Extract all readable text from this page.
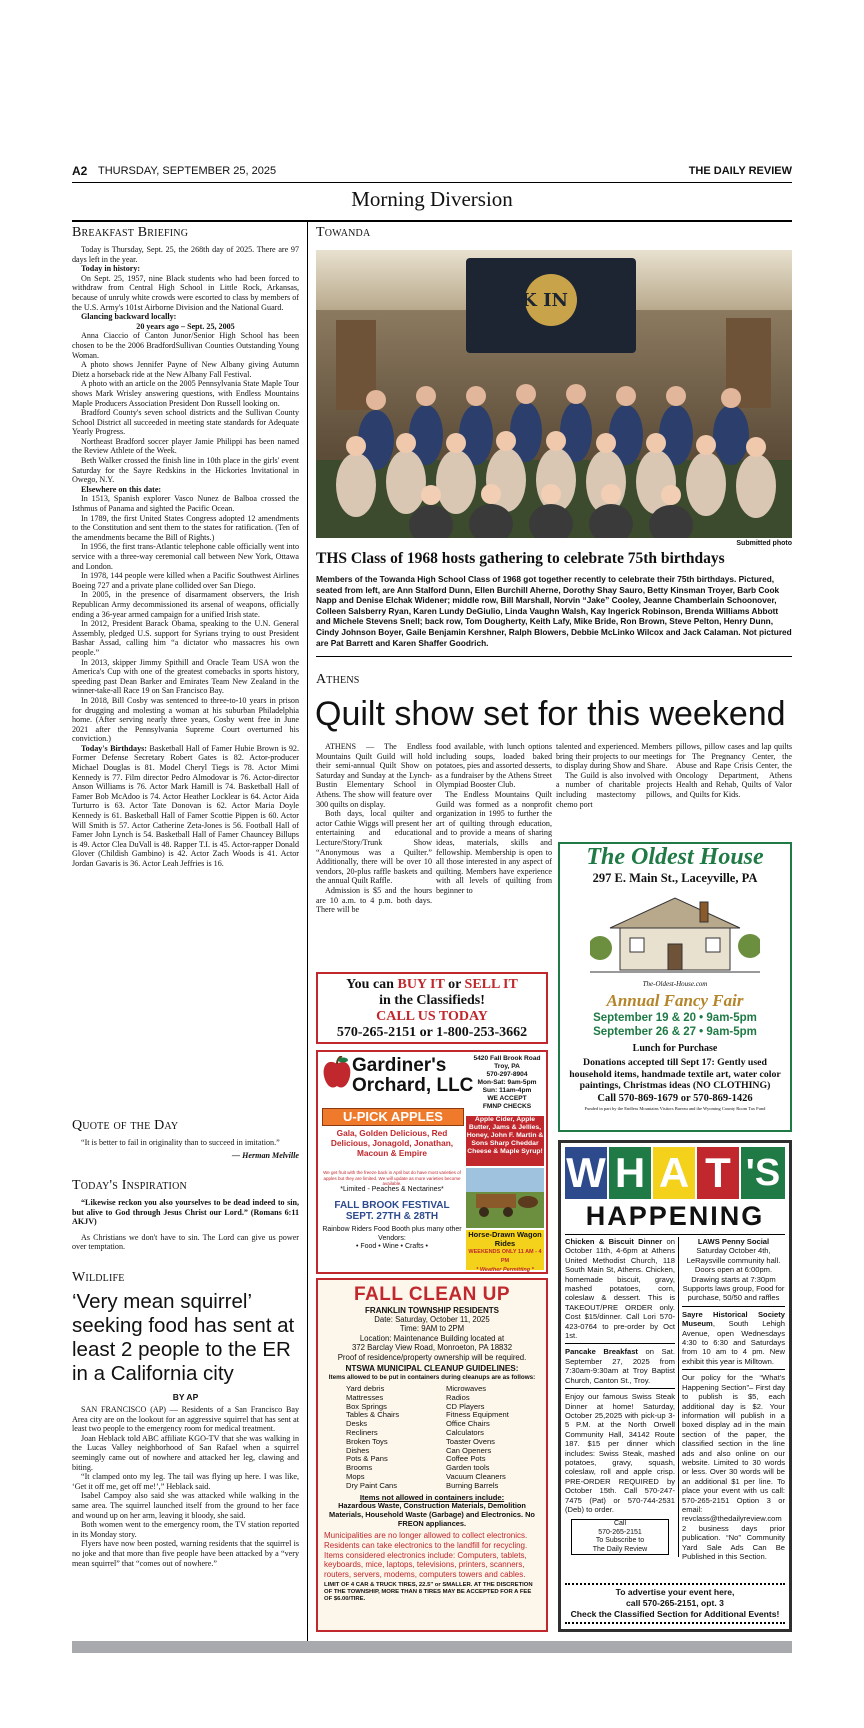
A2 THURSDAY, SEPTEMBER 25, 2025	THE DAILY REVIEW
Morning Diversion
Breakfast Briefing

Today is Thursday, Sept. 25, the 268th day of 2025. There are 97 days left in the year.

Today in history:

On Sept. 25, 1957, nine Black students who had been forced to withdraw from Central High School in Little Rock, Arkansas, because of unruly white crowds were escorted to class by members of the U.S. Army's 101st Airborne Division and the National Guard.

Glancing backward locally:

20 years ago – Sept. 25, 2005

Anna Ciaccio of Canton Junor/Senior High School has been chosen to be the 2006 BradfordSullivan Counties Outstanding Young Woman.

A photo shows Jennifer Payne of New Albany giving Autumn Dietz a horseback ride at the New Albany Fall Festival.

A photo with an article on the 2005 Pennsylvania State Maple Tour shows Mark Wrisley answering questions, with Endless Mountains Maple Producers Association President Don Russell looking on.

Bradford County's seven school districts and the Sullivan County School District all succeeded in meeting state standards for Adequate Yearly Progress.

Northeast Bradford soccer player Jamie Philippi has been named the Review Athlete of the Week.

Beth Walker crossed the finish line in 10th place in the girls' event Saturday for the Sayre Redskins in the Hickories Invitational in Owego, N.Y.

Elsewhere on this date:

In 1513, Spanish explorer Vasco Nunez de Balboa crossed the Isthmus of Panama and sighted the Pacific Ocean.

In 1789, the first United States Congress adopted 12 amendments to the Constitution and sent them to the states for ratification. (Ten of the amendments became the Bill of Rights.)

In 1956, the first trans-Atlantic telephone cable officially went into service with a three-way ceremonial call between New York, Ottawa and London.

In 1978, 144 people were killed when a Pacific Southwest Airlines Boeing 727 and a private plane collided over San Diego.

In 2005, in the presence of disarmament observers, the Irish Republican Army decommissioned its arsenal of weapons, officially ending a 36-year armed campaign for a unified Irish state.

In 2012, President Barack Obama, speaking to the U.N. General Assembly, pledged U.S. support for Syrians trying to oust President Bashar Assad, calling him “a dictator who massacres his own people.”

In 2013, skipper Jimmy Spithill and Oracle Team USA won the America's Cup with one of the greatest comebacks in sports history, speeding past Dean Barker and Emirates Team New Zealand in the winner-take-all Race 19 on San Francisco Bay.

In 2018, Bill Cosby was sentenced to three-to-10 years in prison for drugging and molesting a woman at his suburban Philadelphia home. (After serving nearly three years, Cosby went free in June 2021 after the Pennsylvania Supreme Court overturned his conviction.)

Today's Birthdays: Basketball Hall of Famer Hubie Brown is 92. Former Defense Secretary Robert Gates is 82. Actor-producer Michael Douglas is 81. Model Cheryl Tiegs is 78. Actor Mimi Kennedy is 77. Film director Pedro Almodovar is 76. Actor-director Anson Williams is 76. Actor Mark Hamill is 74. Basketball Hall of Famer Bob McAdoo is 74. Actor Heather Locklear is 64. Actor Aida Turturro is 63. Actor Tate Donovan is 62. Actor Maria Doyle Kennedy is 61. Basketball Hall of Famer Scottie Pippen is 60. Actor Will Smith is 57. Actor Catherine Zeta-Jones is 56. Football Hall of Famer John Lynch is 54. Basketball Hall of Famer Chauncey Billups is 49. Actor Clea DuVall is 48. Rapper T.I. is 45. Actor-rapper Donald Glover (Childish Gambino) is 42. Actor Zach Woods is 41. Actor Jordan Gavaris is 36. Actor Leah Jeffries is 16.

Quote of the Day

“It is better to fail in originality than to succeed in imitation.”

— Herman Melville
Today's Inspiration

“Likewise reckon you also yourselves to be dead indeed to sin, but alive to God through Jesus Christ our Lord.” (Romans 6:11 AKJV)

As Christians we don't have to sin. The Lord can give us power over temptation.

Wildlife
‘Very mean squirrel’ seeking food has sent at least 2 people to the ER in a California city
BY AP

SAN FRANCISCO (AP) — Residents of a San Francisco Bay Area city are on the lookout for an aggressive squirrel that has sent at least two people to the emergency room for medical treatment.

Joan Heblack told ABC affiliate KGO-TV that she was walking in the Lucas Valley neighborhood of San Rafael when a squirrel seemingly came out of nowhere and attacked her leg, clawing and biting.

“It clamped onto my leg. The tail was flying up here. I was like, ‘Get it off me, get off me!’,” Heblack said.

Isabel Campoy also said she was attacked while walking in the same area. The squirrel launched itself from the ground to her face and wound up on her arm, leaving it bloody, she said.

Both women went to the emergency room, the TV station reported in its Monday story.

Flyers have now been posted, warning residents that the squirrel is no joke and that more than five people have been attacked by a “very mean squirrel” that “comes out of nowhere.”

Towanda
BACK IN 1968
Submitted photo
THS Class of 1968 hosts gathering to celebrate 75th birthdays
Members of the Towanda High School Class of 1968 got together recently to celebrate their 75th birthdays. Pictured, seated from left, are Ann Stalford Dunn, Ellen Burchill Aherne, Dorothy Shay Sauro, Betty Kinsman Troyer, Barb Cook Napp and Denise Elchak Widener; middle row, Bill Marshall, Norvin “Jake” Cooley, Jeanne Chamberlain Schoonover, Colleen Salsberry Ryan, Karen Lundy DeGiulio, Linda Vaughn Walsh, Kay Ingerick Robinson, Brenda Williams Abbott and Michele Stevens Snell; back row, Tom Dougherty, Keith Lafy, Mike Bride, Ron Brown, Steve Pelton, Henry Dunn, Cindy Johnson Boyer, Gaile Benjamin Kershner, Ralph Blowers, Debbie McLinko Wilcox and Jack Calaman. Not pictured are Pat Barrett and Karen Shaffer Goodrich.
Athens
Quilt show set for this weekend

ATHENS — The Endless Mountains Quilt Guild will hold their semi-annual Quilt Show on Saturday and Sunday at the Lynch-Bustin Elementary School in Athens. The show will feature over 300 quilts on display.

Both days, local quilter and actor Cathie Wiggs will present her entertaining and educational Lecture/Story/Trunk Show “Anonymous was a Quilter.” Additionally, there will be over 10 vendors, 20-plus raffle baskets and the annual Quilt Raffle.

Admission is $5 and the hours are 10 a.m. to 4 p.m. both days. There will be

food available, with lunch options including soups, loaded baked potatoes, pies and assorted desserts, as a fundraiser by the Athens Street Olympiad Booster Club.

The Endless Mountains Quilt Guild was formed as a nonprofit organization in 1995 to further the art of quilting through education, and to provide a means of sharing ideas, materials, skills and fellowship. Membership is open to all those interested in any aspect of quilting. Members have experience with all levels of quilting from beginner to

talented and experienced. Members bring their projects to our meetings to display during Show and Share.

The Guild is also involved with a number of charitable projects including mastectomy pillows, chemo port

pillows, pillow cases and lap quilts for The Pregnancy Center, the Abuse and Rape Crisis Center, the Oncology Department, Athens Health and Rehab, Quilts of Valor and Quilts for Kids.

You can BUY IT or SELL IT
in the Classifieds!
CALL US TODAY
570-265-2151 or 1-800-253-3662
Gardiner's
Orchard, LLC
5420 Fall Brook Road
Troy, PA
570-297-8904
Mon-Sat: 9am-5pm
Sun: 11am-4pm
WE ACCEPT
FMNP CHECKS
U-PICK APPLES
Gala, Golden Delicious, Red Delicious, Jonagold, Jonathan, Macoun & Empire
We get fruit with the freeze back in April but do have most varieties of apples but they are limited. We will update as more varieties become available.
*Limited - Peaches & Nectarines*
FALL BROOK FESTIVAL
SEPT. 27TH & 28TH
Rainbow Riders Food Booth plus many other Vendors:
• Food • Wine • Crafts •
Apple Cider, Apple Butter, Jams & Jellies, Honey, John F. Martin & Sons Sharp Cheddar Cheese & Maple Syrup!
Horse-Drawn Wagon Rides
WEEKENDS ONLY 11 AM - 4 PM
* Weather Permitting *
FALL CLEAN UP
FRANKLIN TOWNSHIP RESIDENTS
Date: Saturday, October 11, 2025
Time: 9AM to 2PM
Location: Maintenance Building located at
372 Barclay View Road, Monroeton, PA 18832
Proof of residence/property ownership will be required.
NTSWA MUNICIPAL CLEANUP GUIDELINES:
Items allowed to be put in containers during cleanups are as follows:
Yard debris
Mattresses
Box Springs
Tables & Chairs
Desks
Recliners
Broken Toys
Dishes
Pots & Pans
Brooms
Mops
Dry Paint Cans
Microwaves
Radios
CD Players
Fitness Equipment
Office Chairs
Calculators
Toaster Ovens
Can Openers
Coffee Pots
Garden tools
Vacuum Cleaners
Burning Barrels
Items not allowed in containers include:
Hazardous Waste, Construction Materials, Demolition Materials, Household Waste (Garbage) and Electronics. No FREON appliances.
Municipalities are no longer allowed to collect electronics. Residents can take electronics to the landfill for recycling. Items considered electronics include: Computers, tablets, keyboards, mice, laptops, televisions, printers, scanners, routers, servers, modems, computers towers and cables.
LIMIT OF 4 CAR & TRUCK TIRES, 22.5" or SMALLER. AT THE DISCRETION OF THE TOWNSHIP, MORE THAN 8 TIRES MAY BE ACCEPTED FOR A FEE OF $6.00/TIRE.
The Oldest House
297 E. Main St., Laceyville, PA
The-Oldest-House.com
Annual Fancy Fair
September 19 & 20 • 9am-5pm
September 26 & 27 • 9am-5pm
Lunch for Purchase
Donations accepted till Sept 17: Gently used household items, handmade textile art, water color paintings, Christmas ideas (NO CLOTHING)
Call 570-869-1679 or 570-869-1426
Funded in part by the Endless Mountains Visitors Bureau and the Wyoming County Room Tax Fund
W H A T 'S
HAPPENING
Chicken & Biscuit Dinner on October 11th, 4-6pm at Athens United Methodist Church, 118 South Main St, Athens. Chicken, homemade biscuit, gravy, mashed potatoes, corn, coleslaw & dessert. This is TAKEOUT/PRE ORDER only. Cost $15/dinner. Call Lori 570-423-0764 to pre-order by Oct 1st.
Pancake Breakfast on Sat. September 27, 2025 from 7:30am-9:30am at Troy Baptist Church, Canton St., Troy.
Enjoy our famous Swiss Steak Dinner at home! Saturday, October 25,2025 with pick-up 3-5 P.M. at the North Orwell Community Hall, 34142 Route 187. $15 per dinner which includes: Swiss Steak, mashed potatoes, gravy, squash, coleslaw, roll and apple crisp. PRE-ORDER REQUIRED by October 15th. Call 570-247-7475 (Pat) or 570-744-2531 (Deb) to order.
Call
570-265-2151
To Subscribe to
The Daily Review
LAWS Penny Social
Saturday October 4th,
LeRaysville community hall.
Doors open at 6:00pm.
Drawing starts at 7:30pm
Supports laws group, Food for purchase, 50/50 and raffles
Sayre Historical Society Museum, South Lehigh Avenue, open Wednesdays 4:30 to 6:30 and Saturdays from 10 am to 4 pm. New exhibit this year is Milltown.
Our policy for the “What's Happening Section”– First day to publish is $5, each additional day is $2. Your information will publish in a boxed display ad in the main section of the paper, the classified section in the line ads and also online on our website. Limited to 30 words or less. Over 30 words will be an additional $1 per line. To place your event with us call: 570-265-2151 Option 3 or email: revclass@thedailyreview.com 2 business days prior publication. “No” Community Yard Sale Ads Can Be Published in this Section.
To advertise your event here,
call 570-265-2151, opt. 3
Check the Classified Section for Additional Events!
